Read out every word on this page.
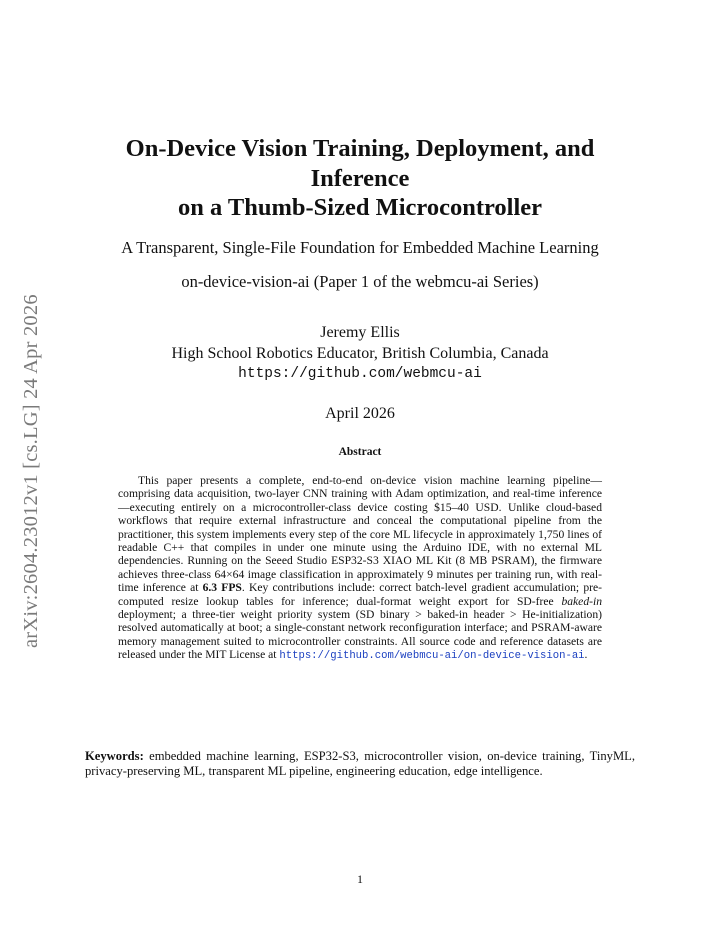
arXiv:2604.23012v1 [cs.LG] 24 Apr 2026
On-Device Vision Training, Deployment, and
Inference
on a Thumb-Sized Microcontroller
A Transparent, Single-File Foundation for Embedded Machine Learning
on-device-vision-ai (Paper 1 of the webmcu-ai Series)
Jeremy Ellis
High School Robotics Educator, British Columbia, Canada
https://github.com/webmcu-ai
April 2026
Abstract

This paper presents a complete, end-to-end on-device vision machine learning pipeline—comprising data acquisition, two-layer CNN training with Adam optimization, and real-time inference—executing entirely on a microcontroller-class device costing $15–40 USD. Unlike cloud-based workflows that require external infrastructure and conceal the computational pipeline from the practitioner, this system implements every step of the core ML lifecycle in approximately 1,750 lines of readable C++ that compiles in under one minute using the Arduino IDE, with no external ML dependencies. Running on the Seeed Studio ESP32-S3 XIAO ML Kit (8 MB PSRAM), the firmware achieves three-class 64×64 image classification in approximately 9 minutes per training run, with real-time inference at 6.3 FPS. Key contributions include: correct batch-level gradient accumulation; pre-computed resize lookup tables for inference; dual-format weight export for SD-free baked-in deployment; a three-tier weight priority system (SD binary > baked-in header > He-initialization) resolved automatically at boot; a single-constant network reconfiguration interface; and PSRAM-aware memory management suited to microcontroller constraints. All source code and reference datasets are released under the MIT License at https://github.com/webmcu-ai/on-device-vision-ai.

Keywords: embedded machine learning, ESP32-S3, microcontroller vision, on-device training, TinyML, privacy-preserving ML, transparent ML pipeline, engineering education, edge intelligence.

1
